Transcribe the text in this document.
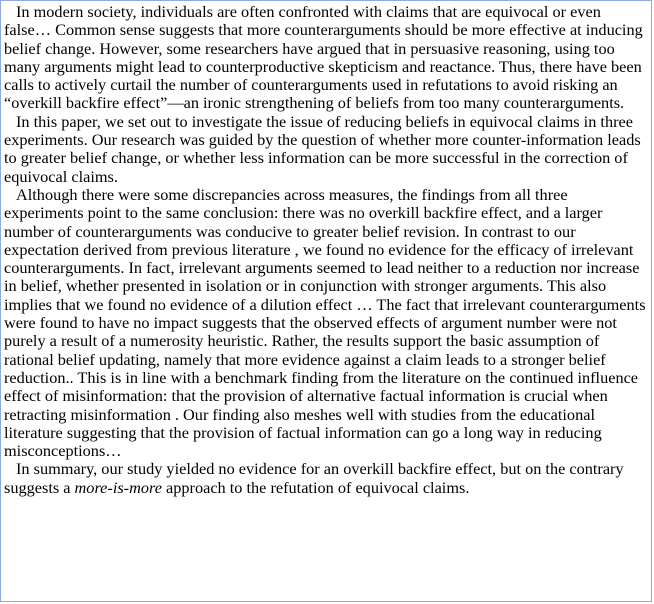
In modern society, individuals are often confronted with claims that are equivocal or even false… Common sense suggests that more counterarguments should be more effective at inducing belief change. However, some researchers have argued that in persuasive reasoning, using too many arguments might lead to counterproductive skepticism and reactance. Thus, there have been calls to actively curtail the number of counterarguments used in refutations to avoid risking an “overkill backfire effect”—an ironic strengthening of beliefs from too many counterarguments.

In this paper, we set out to investigate the issue of reducing beliefs in equivocal claims in three experiments. Our research was guided by the question of whether more counter-information leads to greater belief change, or whether less information can be more successful in the correction of equivocal claims.

Although there were some discrepancies across measures, the findings from all three experiments point to the same conclusion: there was no overkill backfire effect, and a larger number of counterarguments was conducive to greater belief revision. In contrast to our expectation derived from previous literature , we found no evidence for the efficacy of irrelevant counterarguments. In fact, irrelevant arguments seemed to lead neither to a reduction nor increase in belief, whether presented in isolation or in conjunction with stronger arguments. This also implies that we found no evidence of a dilution effect … The fact that irrelevant counterarguments were found to have no impact suggests that the observed effects of argument number were not purely a result of a numerosity heuristic. Rather, the results support the basic assumption of rational belief updating, namely that more evidence against a claim leads to a stronger belief reduction.. This is in line with a benchmark finding from the literature on the continued influence effect of misinformation: that the provision of alternative factual information is crucial when retracting misinformation . Our finding also meshes well with studies from the educational literature suggesting that the provision of factual information can go a long way in reducing misconceptions…

In summary, our study yielded no evidence for an overkill backfire effect, but on the contrary suggests a more-is-more approach to the refutation of equivocal claims.
